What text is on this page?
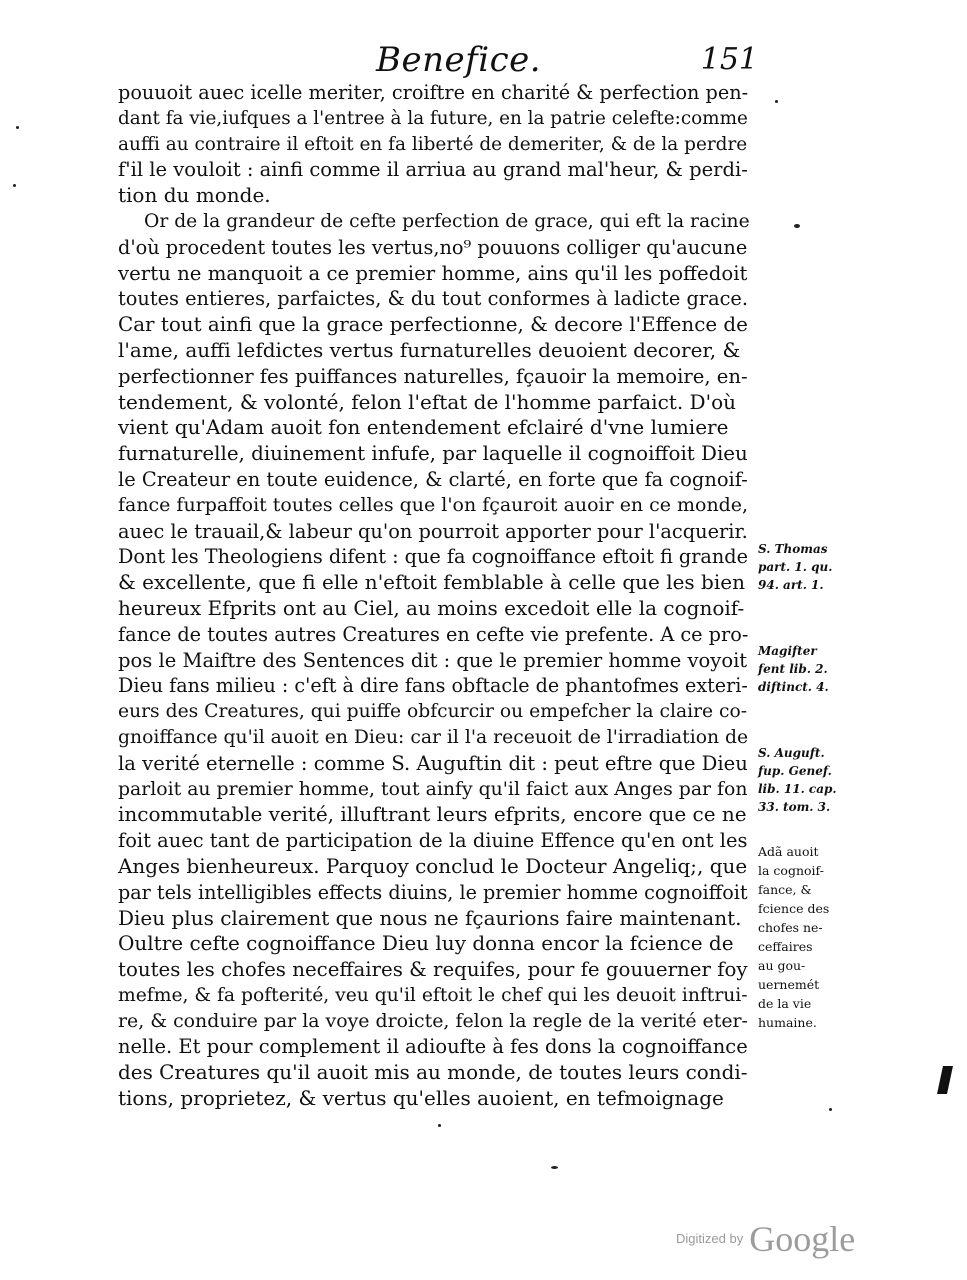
Benefice.	151
pouuoit auec icelle meriter, croiftre en charité & perfection pen-
dant fa vie,iufques a l'entree à la future, en la patrie celefte:comme
auffi au contraire il eftoit en fa liberté de demeriter, & de la perdre
f'il le vouloit : ainfi comme il arriua au grand mal'heur, & perdi-
tion du monde.
Or de la grandeur de cefte perfection de grace, qui eft la racine
d'où procedent toutes les vertus,no⁹ pouuons colliger qu'aucune
vertu ne manquoit a ce premier homme, ains qu'il les poffedoit
toutes entieres, parfaictes, & du tout conformes à ladicte grace.
Car tout ainfi que la grace perfectionne, & decore l'Effence de
l'ame, auffi lefdictes vertus furnaturelles deuoient decorer, &
perfectionner fes puiffances naturelles, fçauoir la memoire, en-
tendement, & volonté, felon l'eftat de l'homme parfaict. D'où
vient qu'Adam auoit fon entendement efclairé d'vne lumiere
furnaturelle, diuinement infufe, par laquelle il cognoiffoit Dieu
le Createur en toute euidence, & clarté, en forte que fa cognoif-
fance furpaffoit toutes celles que l'on fçauroit auoir en ce monde,
auec le trauail,& labeur qu'on pourroit apporter pour l'acquerir.
Dont les Theologiens difent : que fa cognoiffance eftoit fi grande
& excellente, que fi elle n'eftoit femblable à celle que les bien
heureux Efprits ont au Ciel, au moins excedoit elle la cognoif-
fance de toutes autres Creatures en cefte vie prefente. A ce pro-
pos le Maiftre des Sentences dit : que le premier homme voyoit
Dieu fans milieu : c'eft à dire fans obftacle de phantofmes exteri-
eurs des Creatures, qui puiffe obfcurcir ou empefcher la claire co-
gnoiffance qu'il auoit en Dieu: car il l'a receuoit de l'irradiation de
la verité eternelle : comme S. Auguftin dit : peut eftre que Dieu
parloit au premier homme, tout ainfy qu'il faict aux Anges par fon
incommutable verité, illuftrant leurs efprits, encore que ce ne
foit auec tant de participation de la diuine Effence qu'en ont les
Anges bienheureux. Parquoy conclud le Docteur Angeliq;, que
par tels intelligibles effects diuins, le premier homme cognoiffoit
Dieu plus clairement que nous ne fçaurions faire maintenant.
Oultre cefte cognoiffance Dieu luy donna encor la fcience de
toutes les chofes neceffaires & requifes, pour fe gouuerner foy
mefme, & fa pofterité, veu qu'il eftoit le chef qui les deuoit inftrui-
re, & conduire par la voye droicte, felon la regle de la verité eter-
nelle. Et pour complement il adioufte à fes dons la cognoiffance
des Creatures qu'il auoit mis au monde, de toutes leurs condi-
tions, proprietez, & vertus qu'elles auoient, en tefmoignage
S. Thomas
part. 1. qu.
94. art. 1.
Magifter
fent lib. 2.
diftinct. 4.
S. Auguft.
fup. Genef.
lib. 11. cap.
33. tom. 3.
Adã auoit
la cognoif-
fance, &
fcience des
chofes ne-
ceffaires
au gou-
uernemét
de la vie
humaine.
$^{Digitized by}$ Google
